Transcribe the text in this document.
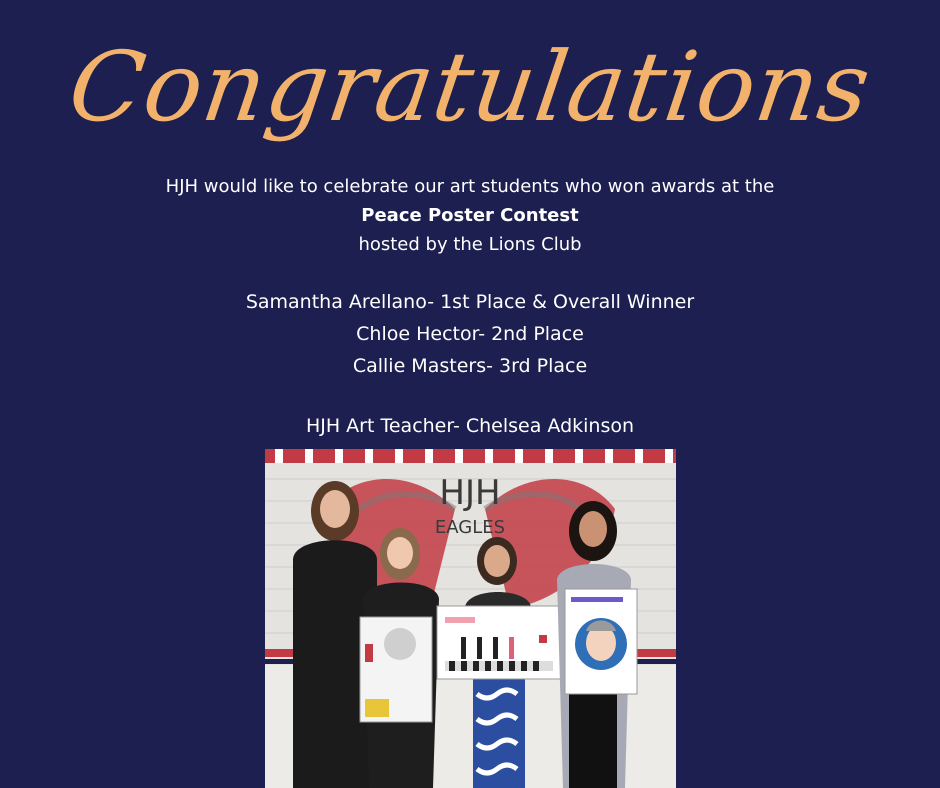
Congratulations
HJH would like to celebrate our art students who won awards at the
Peace Poster Contest
hosted by the Lions Club
Samantha Arellano- 1st Place & Overall Winner
Chloe Hector- 2nd Place
Callie Masters- 3rd Place
HJH Art Teacher- Chelsea Adkinson
HJH
EAGLES
